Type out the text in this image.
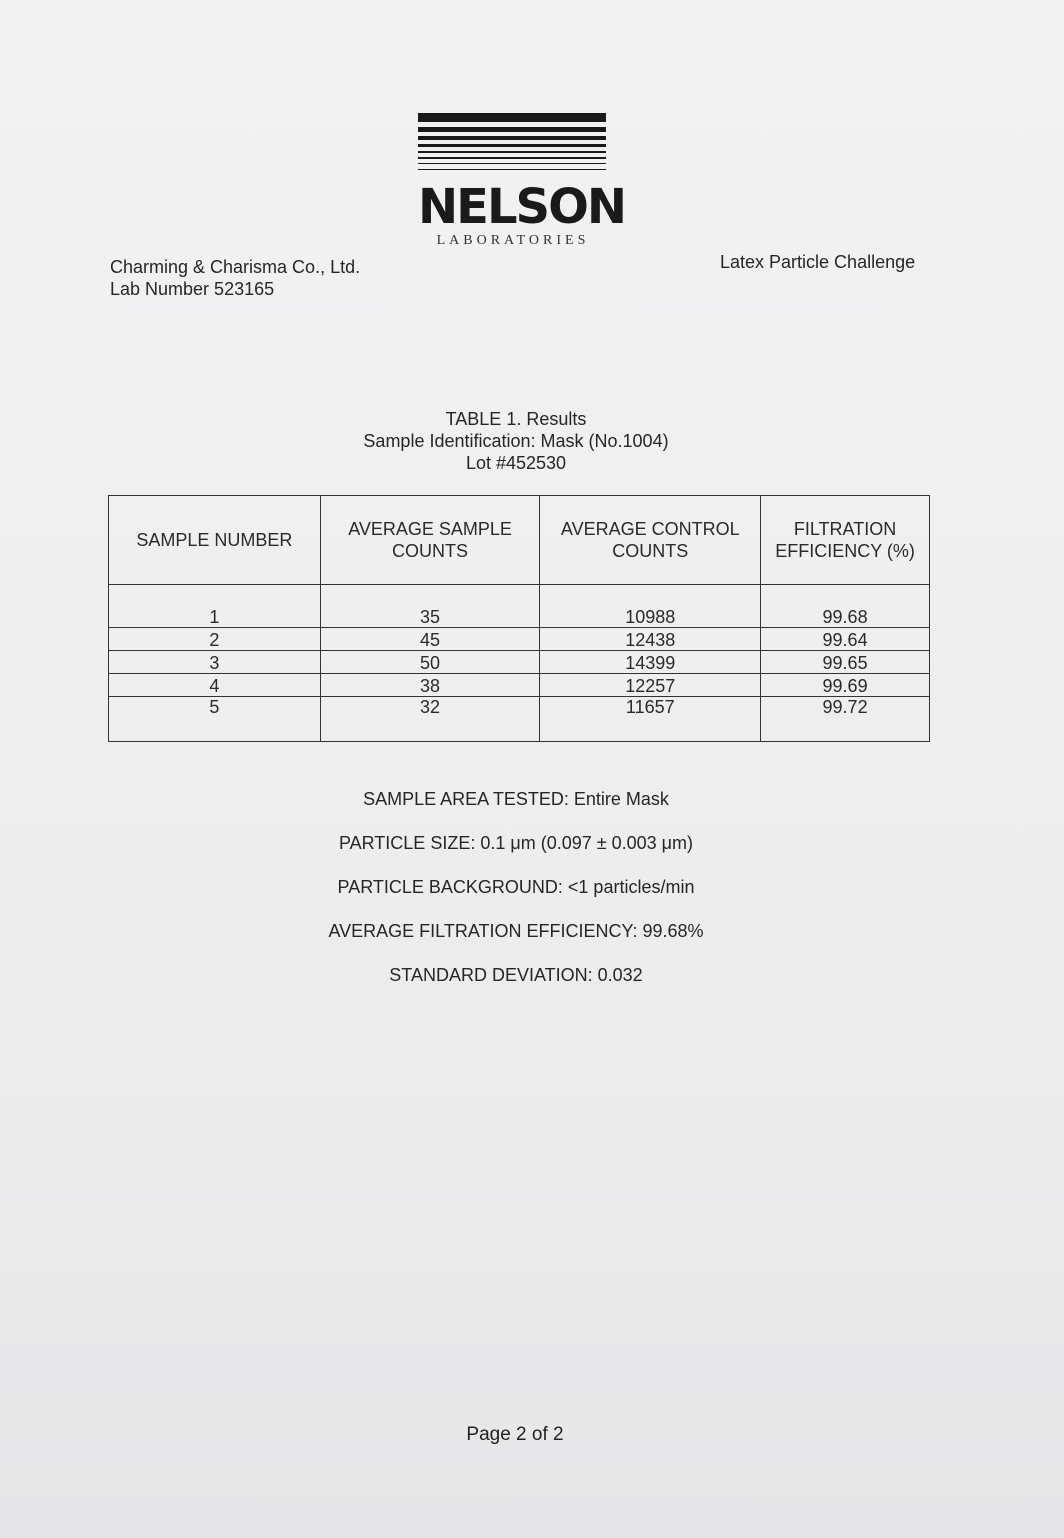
NELSON
LABORATORIES
Charming & Charisma Co., Ltd.
Lab Number 523165
Latex Particle Challenge
TABLE 1. Results
Sample Identification: Mask (No.1004)
Lot #452530
SAMPLE NUMBER	AVERAGE SAMPLE COUNTS	AVERAGE CONTROL COUNTS	FILTRATION EFFICIENCY (%)
1	35	10988	99.68
2	45	12438	99.64
3	50	14399	99.65
4	38	12257	99.69
5	32	11657	99.72
SAMPLE AREA TESTED: Entire Mask
PARTICLE SIZE: 0.1 μm (0.097 ± 0.003 μm)
PARTICLE BACKGROUND: <1 particles/min
AVERAGE FILTRATION EFFICIENCY: 99.68%
STANDARD DEVIATION: 0.032
Page 2 of 2
